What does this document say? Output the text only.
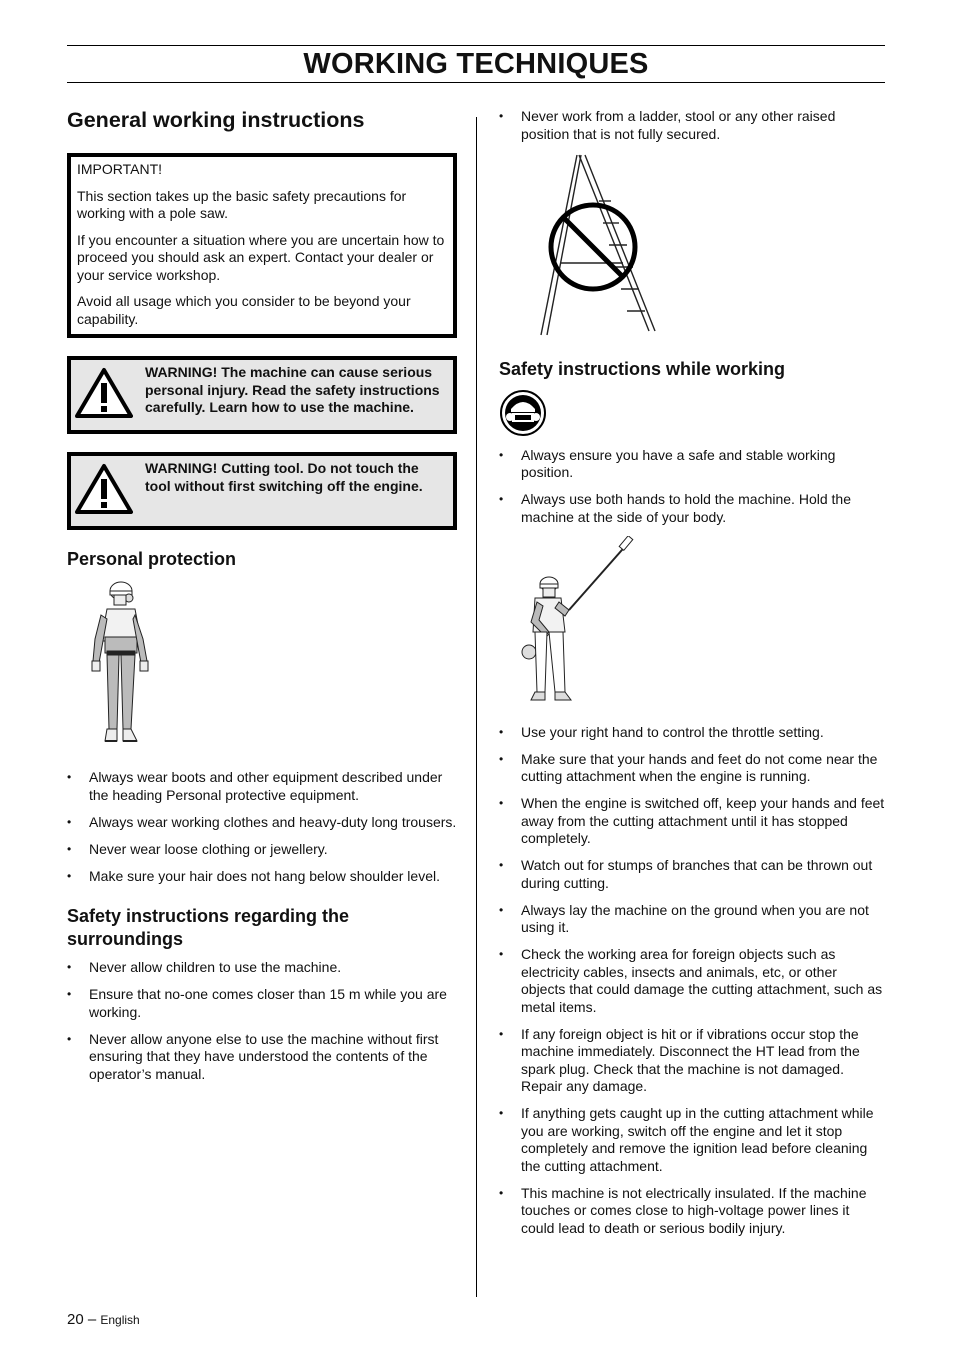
WORKING TECHNIQUES
General working instructions

IMPORTANT!

This section takes up the basic safety precautions for working with a pole saw.

If you encounter a situation where you are uncertain how to proceed you should ask an expert. Contact your dealer or your service workshop.

Avoid all usage which you consider to be beyond your capability.

WARNING! The machine can cause serious personal injury. Read the safety instructions carefully. Learn how to use the machine.
WARNING! Cutting tool. Do not touch the tool without first switching off the engine.
Personal protection
• Always wear boots and other equipment described under the heading Personal protective equipment.
• Always wear working clothes and heavy-duty long trousers.
• Never wear loose clothing or jewellery.
• Make sure your hair does not hang below shoulder level.
Safety instructions regarding the surroundings
• Never allow children to use the machine.
• Ensure that no-one comes closer than 15 m while you are working.
• Never allow anyone else to use the machine without first ensuring that they have understood the contents of the operator’s manual.
• Never work from a ladder, stool or any other raised position that is not fully secured.
Safety instructions while working
• Always ensure you have a safe and stable working position.
• Always use both hands to hold the machine. Hold the machine at the side of your body.
• Use your right hand to control the throttle setting.
• Make sure that your hands and feet do not come near the cutting attachment when the engine is running.
• When the engine is switched off, keep your hands and feet away from the cutting attachment until it has stopped completely.
• Watch out for stumps of branches that can be thrown out during cutting.
• Always lay the machine on the ground when you are not using it.
• Check the working area for foreign objects such as electricity cables, insects and animals, etc, or other objects that could damage the cutting attachment, such as metal items.
• If any foreign object is hit or if vibrations occur stop the machine immediately. Disconnect the HT lead from the spark plug. Check that the machine is not damaged. Repair any damage.
• If anything gets caught up in the cutting attachment while you are working, switch off the engine and let it stop completely and remove the ignition lead before cleaning the cutting attachment.
• This machine is not electrically insulated. If the machine touches or comes close to high-voltage power lines it could lead to death or serious bodily injury.
20 – English
